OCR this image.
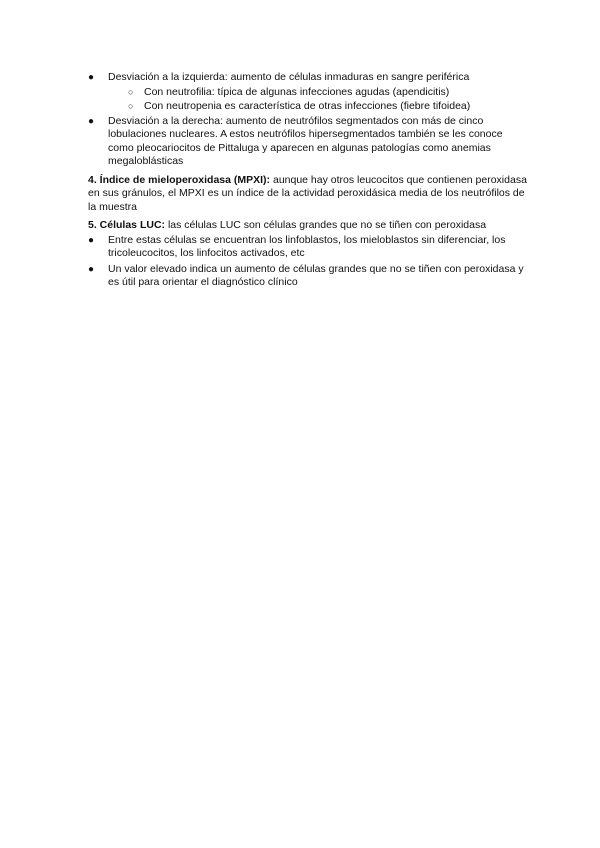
● Desviación a la izquierda: aumento de células inmaduras en sangre periférica
○ Con neutrofilia: típica de algunas infecciones agudas (apendicitis)
○ Con neutropenia es característica de otras infecciones (fiebre tifoidea)
● Desviación a la derecha: aumento de neutrófilos segmentados con más de cinco lobulaciones nucleares. A estos neutrófilos hipersegmentados también se les conoce como pleocariocitos de Pittaluga y aparecen en algunas patologías como anemias megaloblásticas
4. Índice de mieloperoxidasa (MPXI): aunque hay otros leucocitos que contienen peroxidasa en sus gránulos, el MPXI es un índice de la actividad peroxidásica media de los neutrófilos de la muestra
5. Células LUC: las células LUC son células grandes que no se tiñen con peroxidasa
● Entre estas células se encuentran los linfoblastos, los mieloblastos sin diferenciar, los tricoleucocitos, los linfocitos activados, etc
● Un valor elevado indica un aumento de células grandes que no se tiñen con peroxidasa y es útil para orientar el diagnóstico clínico
